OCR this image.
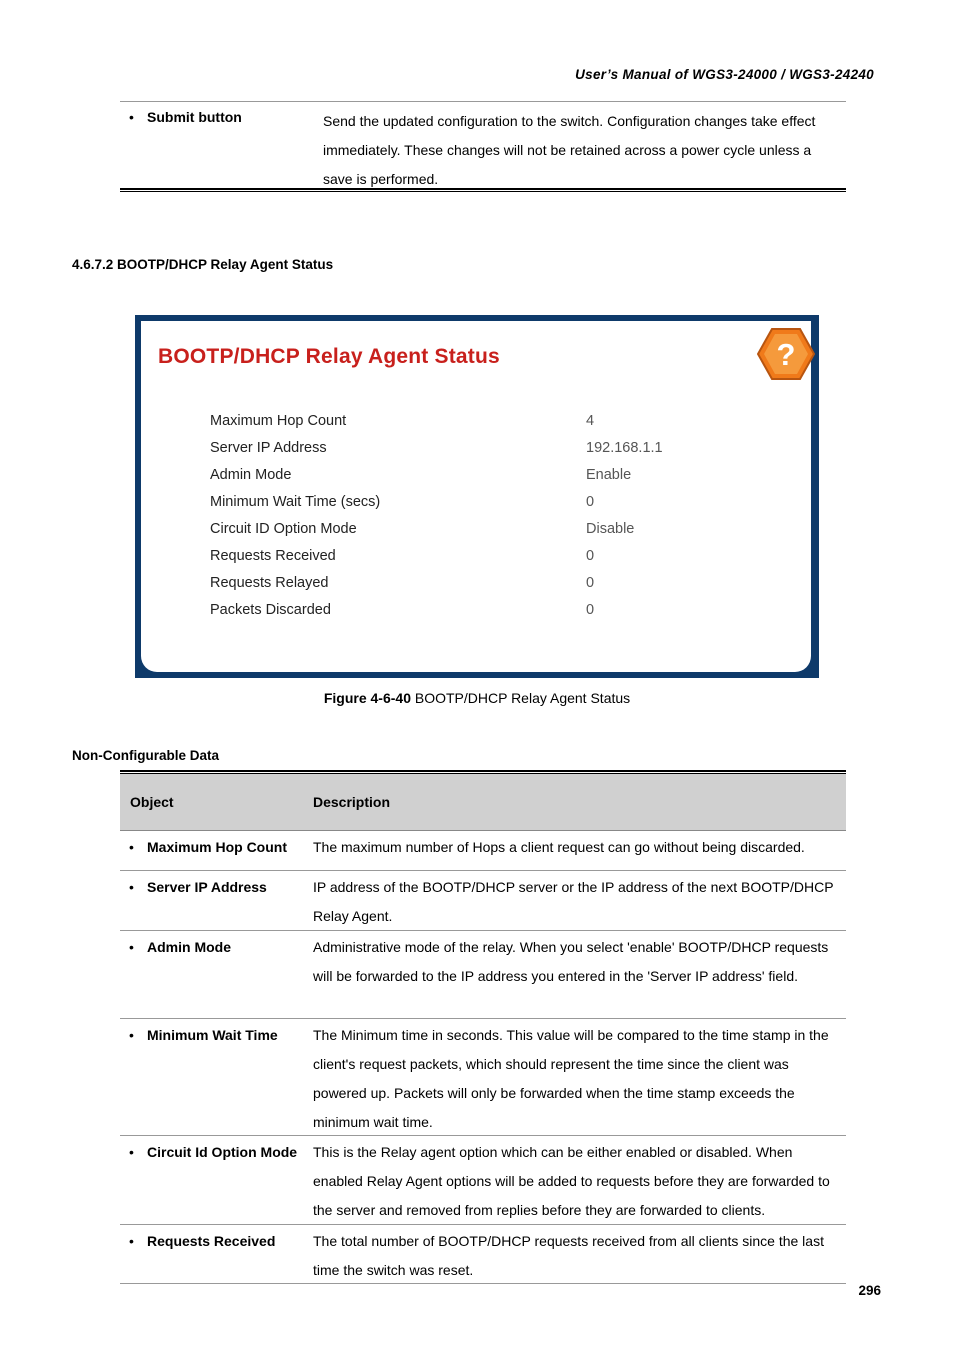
User’s Manual of WGS3-24000 / WGS3-24240
• Submit button	Send the updated configuration to the switch. Configuration changes take effect immediately. These changes will not be retained across a power cycle unless a save is performed.
4.6.7.2 BOOTP/DHCP Relay Agent Status
BOOTP/DHCP Relay Agent Status	?
Maximum Hop Count	4
Server IP Address	192.168.1.1
Admin Mode	Enable
Minimum Wait Time (secs)	0
Circuit ID Option Mode	Disable
Requests Received	0
Requests Relayed	0
Packets Discarded	0
Figure 4-6-40 BOOTP/DHCP Relay Agent Status
Non-Configurable Data
Object	Description
• Maximum Hop Count	The maximum number of Hops a client request can go without being discarded.
• Server IP Address	IP address of the BOOTP/DHCP server or the IP address of the next BOOTP/DHCP Relay Agent.
• Admin Mode	Administrative mode of the relay. When you select 'enable' BOOTP/DHCP requests will be forwarded to the IP address you entered in the 'Server IP address' field.
• Minimum Wait Time	The Minimum time in seconds. This value will be compared to the time stamp in the client's request packets, which should represent the time since the client was powered up. Packets will only be forwarded when the time stamp exceeds the minimum wait time.
• Circuit Id Option Mode	This is the Relay agent option which can be either enabled or disabled. When enabled Relay Agent options will be added to requests before they are forwarded to the server and removed from replies before they are forwarded to clients.
• Requests Received	The total number of BOOTP/DHCP requests received from all clients since the last time the switch was reset.
296
